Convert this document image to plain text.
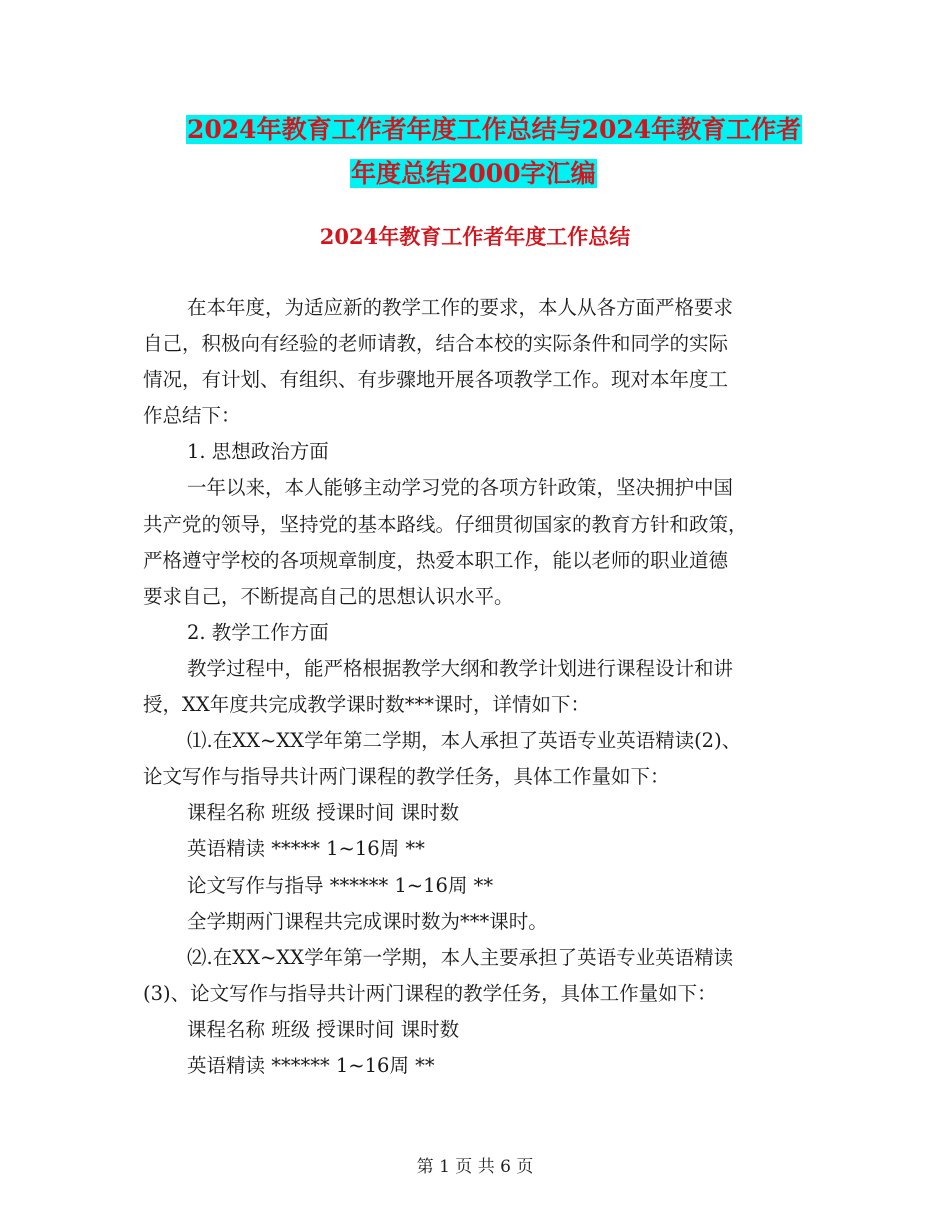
2024年教育工作者年度工作总结与2024年教育工作者
年度总结2000字汇编
2024年教育工作者年度工作总结
在本年度，为适应新的教学工作的要求，本人从各方面严格要求
自己，积极向有经验的老师请教，结合本校的实际条件和同学的实际
情况，有计划、有组织、有步骤地开展各项教学工作。现对本年度工
作总结下：
1. 思想政治方面
一年以来，本人能够主动学习党的各项方针政策，坚决拥护中国
共产党的领导，坚持党的基本路线。仔细贯彻国家的教育方针和政策，
严格遵守学校的各项规章制度，热爱本职工作，能以老师的职业道德
要求自己，不断提高自己的思想认识水平。
2. 教学工作方面
教学过程中，能严格根据教学大纲和教学计划进行课程设计和讲
授，XX年度共完成教学课时数***课时，详情如下：
⑴.在XX~XX学年第二学期，本人承担了英语专业英语精读(2)、
论文写作与指导共计两门课程的教学任务，具体工作量如下：
课程名称 班级 授课时间 课时数
英语精读 ***** 1~16周 **
论文写作与指导 ****** 1~16周 **
全学期两门课程共完成课时数为***课时。
⑵.在XX~XX学年第一学期，本人主要承担了英语专业英语精读
(3)、论文写作与指导共计两门课程的教学任务，具体工作量如下：
课程名称 班级 授课时间 课时数
英语精读 ****** 1~16周 **
第 1 页 共 6 页
